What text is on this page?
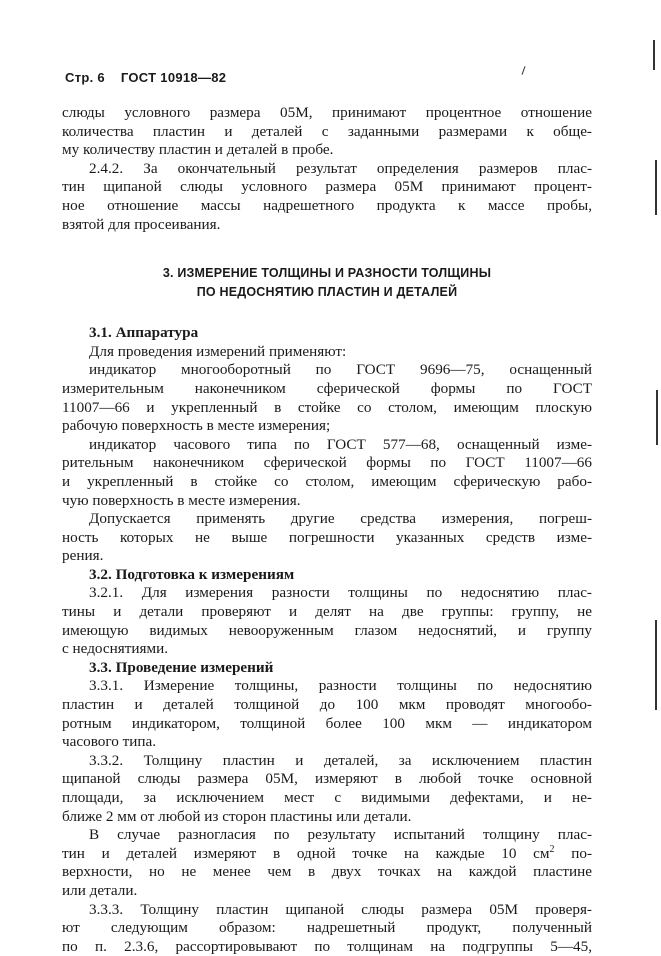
Стр. 6 ГОСТ 10918—82

слюды условного размера 05М, принимают процентное отношение
количества пластин и деталей с заданными размерами к обще-
му количеству пластин и деталей в пробе.

2.4.2. За окончательный результат определения размеров плас-
тин щипаной слюды условного размера 05М принимают процент-
ное отношение массы надрешетного продукта к массе пробы,
взятой для просеивания.

3. ИЗМЕРЕНИЕ ТОЛЩИНЫ И РАЗНОСТИ ТОЛЩИНЫ
ПО НЕДОСНЯТИЮ ПЛАСТИН И ДЕТАЛЕЙ

3.1. Аппаратура

Для проведения измерений применяют:

индикатор многооборотный по ГОСТ 9696—75, оснащенный
измерительным наконечником сферической формы по ГОСТ
11007—66 и укрепленный в стойке со столом, имеющим плоскую
рабочую поверхность в месте измерения;

индикатор часового типа по ГОСТ 577—68, оснащенный изме-
рительным наконечником сферической формы по ГОСТ 11007—66
и укрепленный в стойке со столом, имеющим сферическую рабо-
чую поверхность в месте измерения.

Допускается применять другие средства измерения, погреш-
ность которых не выше погрешности указанных средств изме-
рения.

3.2. Подготовка к измерениям

3.2.1. Для измерения разности толщины по недоснятию плас-
тины и детали проверяют и делят на две группы: группу, не
имеющую видимых невооруженным глазом недоснятий, и группу
с недоснятиями.

3.3. Проведение измерений

3.3.1. Измерение толщины, разности толщины по недоснятию
пластин и деталей толщиной до 100 мкм проводят многообо-
ротным индикатором, толщиной более 100 мкм — индикатором
часового типа.

3.3.2. Толщину пластин и деталей, за исключением пластин
щипаной слюды размера 05М, измеряют в любой точке основной
площади, за исключением мест с видимыми дефектами, и не-
ближе 2 мм от любой из сторон пластины или детали.

В случае разногласия по результату испытаний толщину плас-
тин и деталей измеряют в одной точке на каждые 10 $см^2$ по-
верхности, но не менее чем в двух точках на каждой пластине
или детали.

3.3.3. Толщину пластин щипаной слюды размера 05М проверя-
ют следующим образом: надрешетный продукт, полученный
по п. 2.3.6, рассортировывают по толщинам на подгруппы 5—45,
